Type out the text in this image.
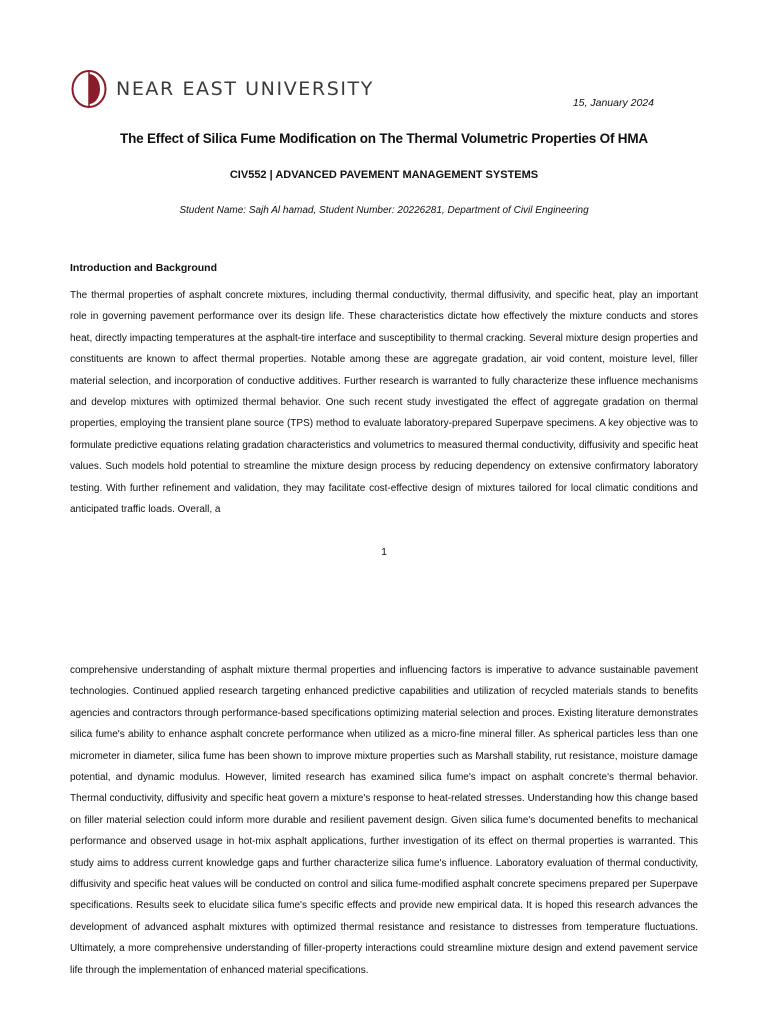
NEAR EAST UNIVERSITY
15, January 2024
The Effect of Silica Fume Modification on The Thermal Volumetric Properties Of HMA
CIV552 | ADVANCED PAVEMENT MANAGEMENT SYSTEMS
Student Name: Sajh Al hamad, Student Number: 20226281, Department of Civil Engineering
Introduction and Background

The thermal properties of asphalt concrete mixtures, including thermal conductivity, thermal diffusivity, and specific heat, play an important role in governing pavement performance over its design life. These characteristics dictate how effectively the mixture conducts and stores heat, directly impacting temperatures at the asphalt-tire interface and susceptibility to thermal cracking. Several mixture design properties and constituents are known to affect thermal properties. Notable among these are aggregate gradation, air void content, moisture level, filler material selection, and incorporation of conductive additives. Further research is warranted to fully characterize these influence mechanisms and develop mixtures with optimized thermal behavior. One such recent study investigated the effect of aggregate gradation on thermal properties, employing the transient plane source (TPS) method to evaluate laboratory-prepared Superpave specimens. A key objective was to formulate predictive equations relating gradation characteristics and volumetrics to measured thermal conductivity, diffusivity and specific heat values. Such models hold potential to streamline the mixture design process by reducing dependency on extensive confirmatory laboratory testing. With further refinement and validation, they may facilitate cost-effective design of mixtures tailored for local climatic conditions and anticipated traffic loads. Overall, a

1

comprehensive understanding of asphalt mixture thermal properties and influencing factors is imperative to advance sustainable pavement technologies. Continued applied research targeting enhanced predictive capabilities and utilization of recycled materials stands to benefits agencies and contractors through performance-based specifications optimizing material selection and proces. Existing literature demonstrates silica fume's ability to enhance asphalt concrete performance when utilized as a micro-fine mineral filler. As spherical particles less than one micrometer in diameter, silica fume has been shown to improve mixture properties such as Marshall stability, rut resistance, moisture damage potential, and dynamic modulus. However, limited research has examined silica fume's impact on asphalt concrete's thermal behavior. Thermal conductivity, diffusivity and specific heat govern a mixture's response to heat-related stresses. Understanding how this change based on filler material selection could inform more durable and resilient pavement design. Given silica fume's documented benefits to mechanical performance and observed usage in hot-mix asphalt applications, further investigation of its effect on thermal properties is warranted. This study aims to address current knowledge gaps and further characterize silica fume's influence. Laboratory evaluation of thermal conductivity, diffusivity and specific heat values will be conducted on control and silica fume-modified asphalt concrete specimens prepared per Superpave specifications. Results seek to elucidate silica fume's specific effects and provide new empirical data. It is hoped this research advances the development of advanced asphalt mixtures with optimized thermal resistance and resistance to distresses from temperature fluctuations. Ultimately, a more comprehensive understanding of filler-property interactions could streamline mixture design and extend pavement service life through the implementation of enhanced material specifications.
